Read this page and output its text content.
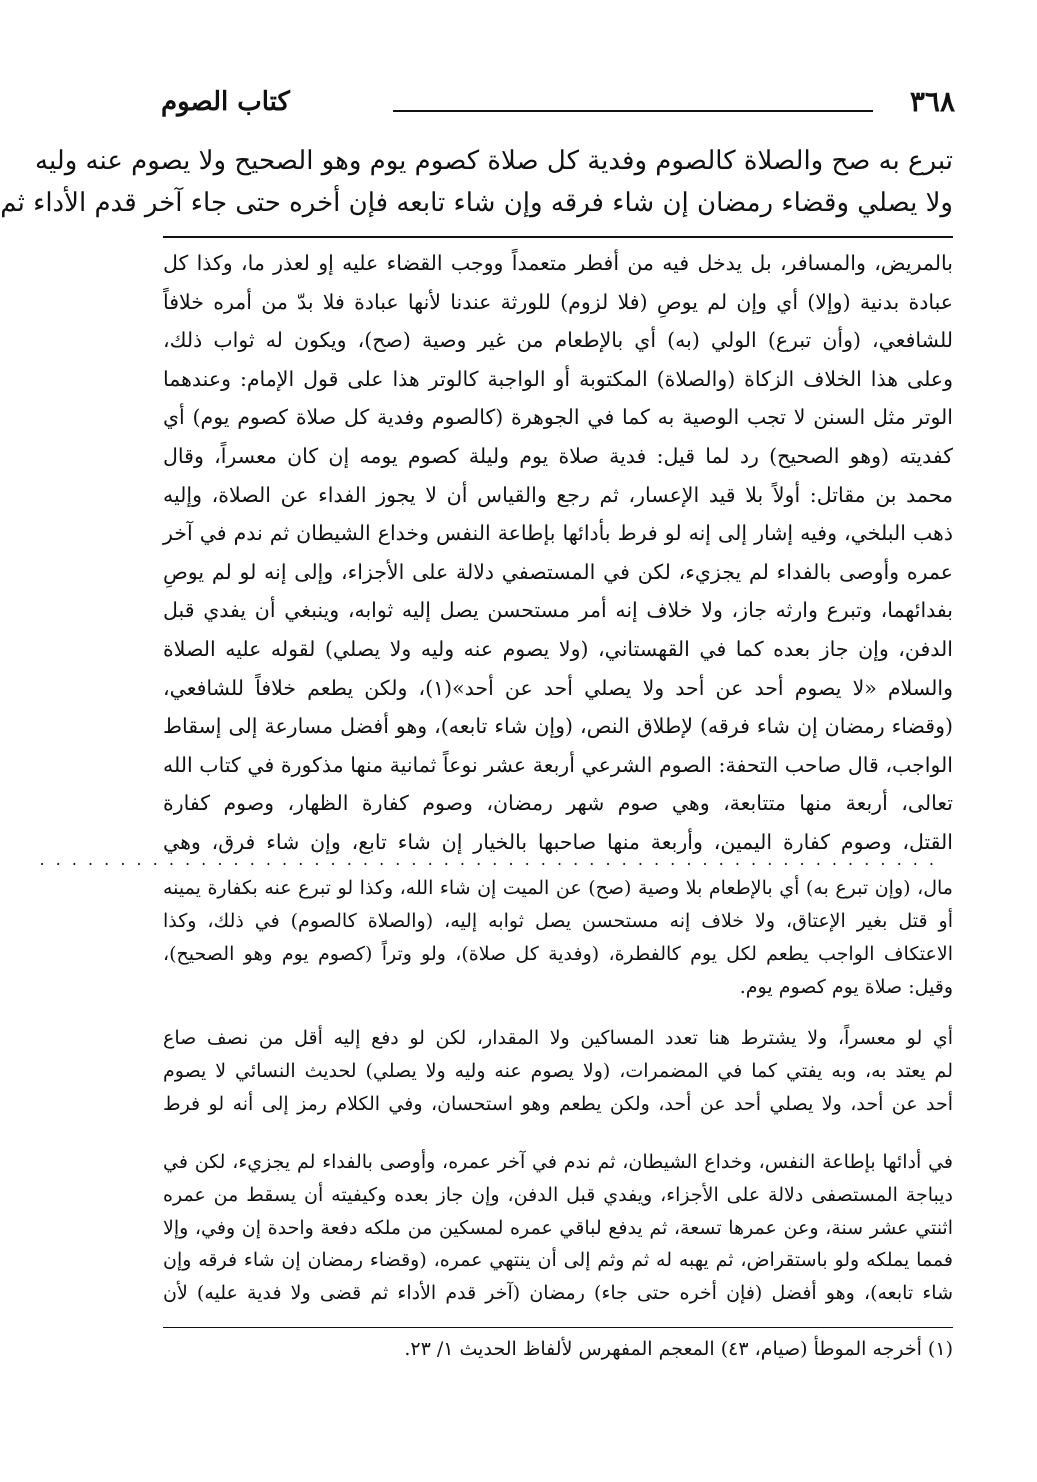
٣٦٨
كتاب الصوم
تبرع به صح والصلاة كالصوم وفدية كل صلاة كصوم يوم وهو الصحيح ولا يصوم عنه وليه
ولا يصلي وقضاء رمضان إن شاء فرقه وإن شاء تابعه فإن أخره حتى جاء آخر قدم الأداء ثم
بالمريض، والمسافر، بل يدخل فيه من أفطر متعمداً ووجب القضاء عليه إو لعذر ما، وكذا كل
عبادة بدنية (وإلا) أي وإن لم يوصِ (فلا لزوم) للورثة عندنا لأنها عبادة فلا بدّ من أمره خلافاً
للشافعي، (وأن تبرع) الولي (به) أي بالإطعام من غير وصية (صح)، ويكون له ثواب ذلك،
وعلى هذا الخلاف الزكاة (والصلاة) المكتوبة أو الواجبة كالوتر هذا على قول الإمام: وعندهما
الوتر مثل السنن لا تجب الوصية به كما في الجوهرة (كالصوم وفدية كل صلاة كصوم يوم) أي
كفديته (وهو الصحيح) رد لما قيل: فدية صلاة يوم وليلة كصوم يومه إن كان معسراً، وقال
محمد بن مقاتل: أولاً بلا قيد الإعسار، ثم رجع والقياس أن لا يجوز الفداء عن الصلاة، وإليه
ذهب البلخي، وفيه إشار إلى إنه لو فرط بأدائها بإطاعة النفس وخداع الشيطان ثم ندم في آخر
عمره وأوصى بالفداء لم يجزيء، لكن في المستصفي دلالة على الأجزاء، وإلى إنه لو لم يوصِ
بفدائهما، وتبرع وارثه جاز، ولا خلاف إنه أمر مستحسن يصل إليه ثوابه، وينبغي أن يفدي قبل
الدفن، وإن جاز بعده كما في القهستاني، (ولا يصوم عنه وليه ولا يصلي) لقوله عليه الصلاة
والسلام «لا يصوم أحد عن أحد ولا يصلي أحد عن أحد»(١)، ولكن يطعم خلافاً للشافعي،
(وقضاء رمضان إن شاء فرقه) لإطلاق النص، (وإن شاء تابعه)، وهو أفضل مسارعة إلى إسقاط
الواجب، قال صاحب التحفة: الصوم الشرعي أربعة عشر نوعاً ثمانية منها مذكورة في كتاب الله
تعالى، أربعة منها متتابعة، وهي صوم شهر رمضان، وصوم كفارة الظهار، وصوم كفارة
القتل، وصوم كفارة اليمين، وأربعة منها صاحبها بالخيار إن شاء تابع، وإن شاء فرق، وهي
. . . . . . . . . . . . . . . . . . . . . . . . . . . . . . . . . . . . . . . . . . . . . . . . . . . . . . . .
مال، (وإن تبرع به) أي بالإطعام بلا وصية (صح) عن الميت إن شاء الله، وكذا لو تبرع عنه بكفارة يمينه
أو قتل بغير الإعتاق، ولا خلاف إنه مستحسن يصل ثوابه إليه، (والصلاة كالصوم) في ذلك، وكذا
الاعتكاف الواجب يطعم لكل يوم كالفطرة، (وفدية كل صلاة)، ولو وتراً (كصوم يوم وهو الصحيح)،
وقيل: صلاة يوم كصوم يوم.
أي لو معسراً، ولا يشترط هنا تعدد المساكين ولا المقدار، لكن لو دفع إليه أقل من نصف صاع
لم يعتد به، وبه يفتي كما في المضمرات، (ولا يصوم عنه وليه ولا يصلي) لحديث النسائي لا يصوم
أحد عن أحد، ولا يصلي أحد عن أحد، ولكن يطعم وهو استحسان، وفي الكلام رمز إلى أنه لو فرط
في أدائها بإطاعة النفس، وخداع الشيطان، ثم ندم في آخر عمره، وأوصى بالفداء لم يجزيء، لكن في
ديباجة المستصفى دلالة على الأجزاء، ويفدي قبل الدفن، وإن جاز بعده وكيفيته أن يسقط من عمره
اثنتي عشر سنة، وعن عمرها تسعة، ثم يدفع لباقي عمره لمسكين من ملكه دفعة واحدة إن وفي، وإلا
فمما يملكه ولو باستقراض، ثم يهبه له ثم وثم إلى أن ينتهي عمره، (وقضاء رمضان إن شاء فرقه وإن
شاء تابعه)، وهو أفضل (فإن أخره حتى جاء) رمضان (آخر قدم الأداء ثم قضى ولا فدية عليه) لأن
(١) أخرجه الموطأ (صيام، ٤٣) المعجم المفهرس لألفاظ الحديث ١/ ٢٣.
